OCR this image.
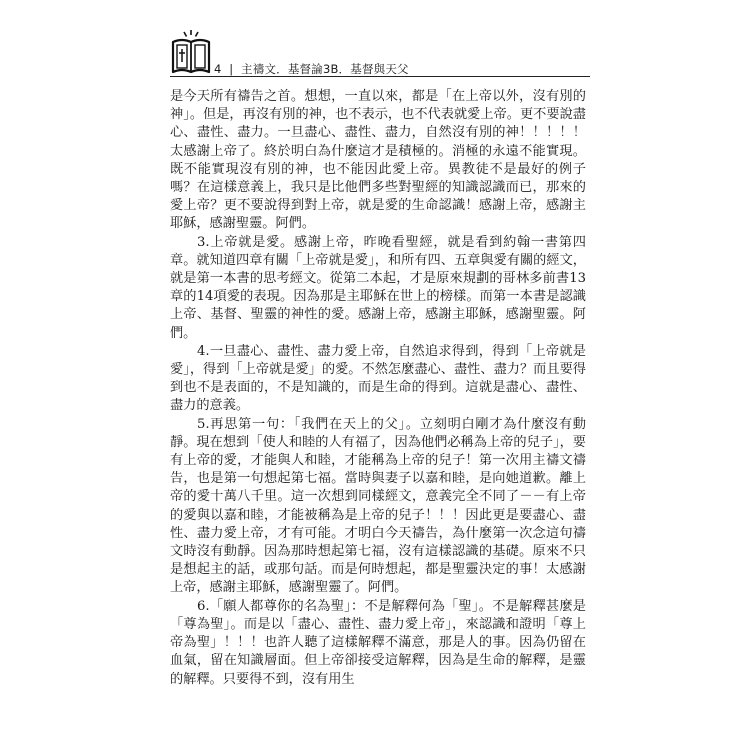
4  |  主禱文．基督論3B．基督與天父

是今天所有禱告之首。想想，一直以來，都是「在上帝以外，沒有別的神」。但是，再沒有別的神，也不表示，也不代表就愛上帝。更不要說盡心、盡性、盡力。一旦盡心、盡性、盡力，自然沒有別的神！！！！！太感謝上帝了。終於明白為什麼這才是積極的。消極的永遠不能實現。既不能實現沒有別的神，也不能因此愛上帝。異教徒不是最好的例子嗎？在這樣意義上，我只是比他們多些對聖經的知識認識而已，那來的愛上帝？更不要說得到對上帝，就是愛的生命認識！感謝上帝，感謝主耶穌，感謝聖靈。阿們。

3.上帝就是愛。感謝上帝，昨晚看聖經，就是看到約翰一書第四章。就知道四章有關「上帝就是愛」，和所有四、五章與愛有關的經文，就是第一本書的思考經文。從第二本起，才是原來規劃的哥林多前書13章的14項愛的表現。因為那是主耶穌在世上的榜樣。而第一本書是認識上帝、基督、聖靈的神性的愛。感謝上帝，感謝主耶穌，感謝聖靈。阿們。

4.一旦盡心、盡性、盡力愛上帝，自然追求得到，得到「上帝就是愛」，得到「上帝就是愛」的愛。不然怎麼盡心、盡性、盡力？而且要得到也不是表面的，不是知識的，而是生命的得到。這就是盡心、盡性、盡力的意義。

5.再思第一句：「我們在天上的父」。立刻明白剛才為什麼沒有動靜。現在想到「使人和睦的人有福了，因為他們必稱為上帝的兒子」，要有上帝的愛，才能與人和睦，才能稱為上帝的兒子！第一次用主禱文禱告，也是第一句想起第七福。當時與妻子以嘉和睦，是向她道歉。離上帝的愛十萬八千里。這一次想到同樣經文，意義完全不同了－－有上帝的愛與以嘉和睦，才能被稱為是上帝的兒子！！！因此更是要盡心、盡性、盡力愛上帝，才有可能。才明白今天禱告，為什麼第一次念這句禱文時沒有動靜。因為那時想起第七福，沒有這樣認識的基礎。原來不只是想起主的話，或那句話。而是何時想起，都是聖靈決定的事！太感謝上帝，感謝主耶穌，感謝聖靈了。阿們。

6.「願人都尊你的名為聖」：不是解釋何為「聖」。不是解釋甚麼是「尊為聖」。而是以「盡心、盡性、盡力愛上帝」，來認識和證明「尊上帝為聖」！！！也許人聽了這樣解釋不滿意，那是人的事。因為仍留在血氣，留在知識層面。但上帝卻接受這解釋，因為是生命的解釋，是靈的解釋。只要得不到，沒有用生
